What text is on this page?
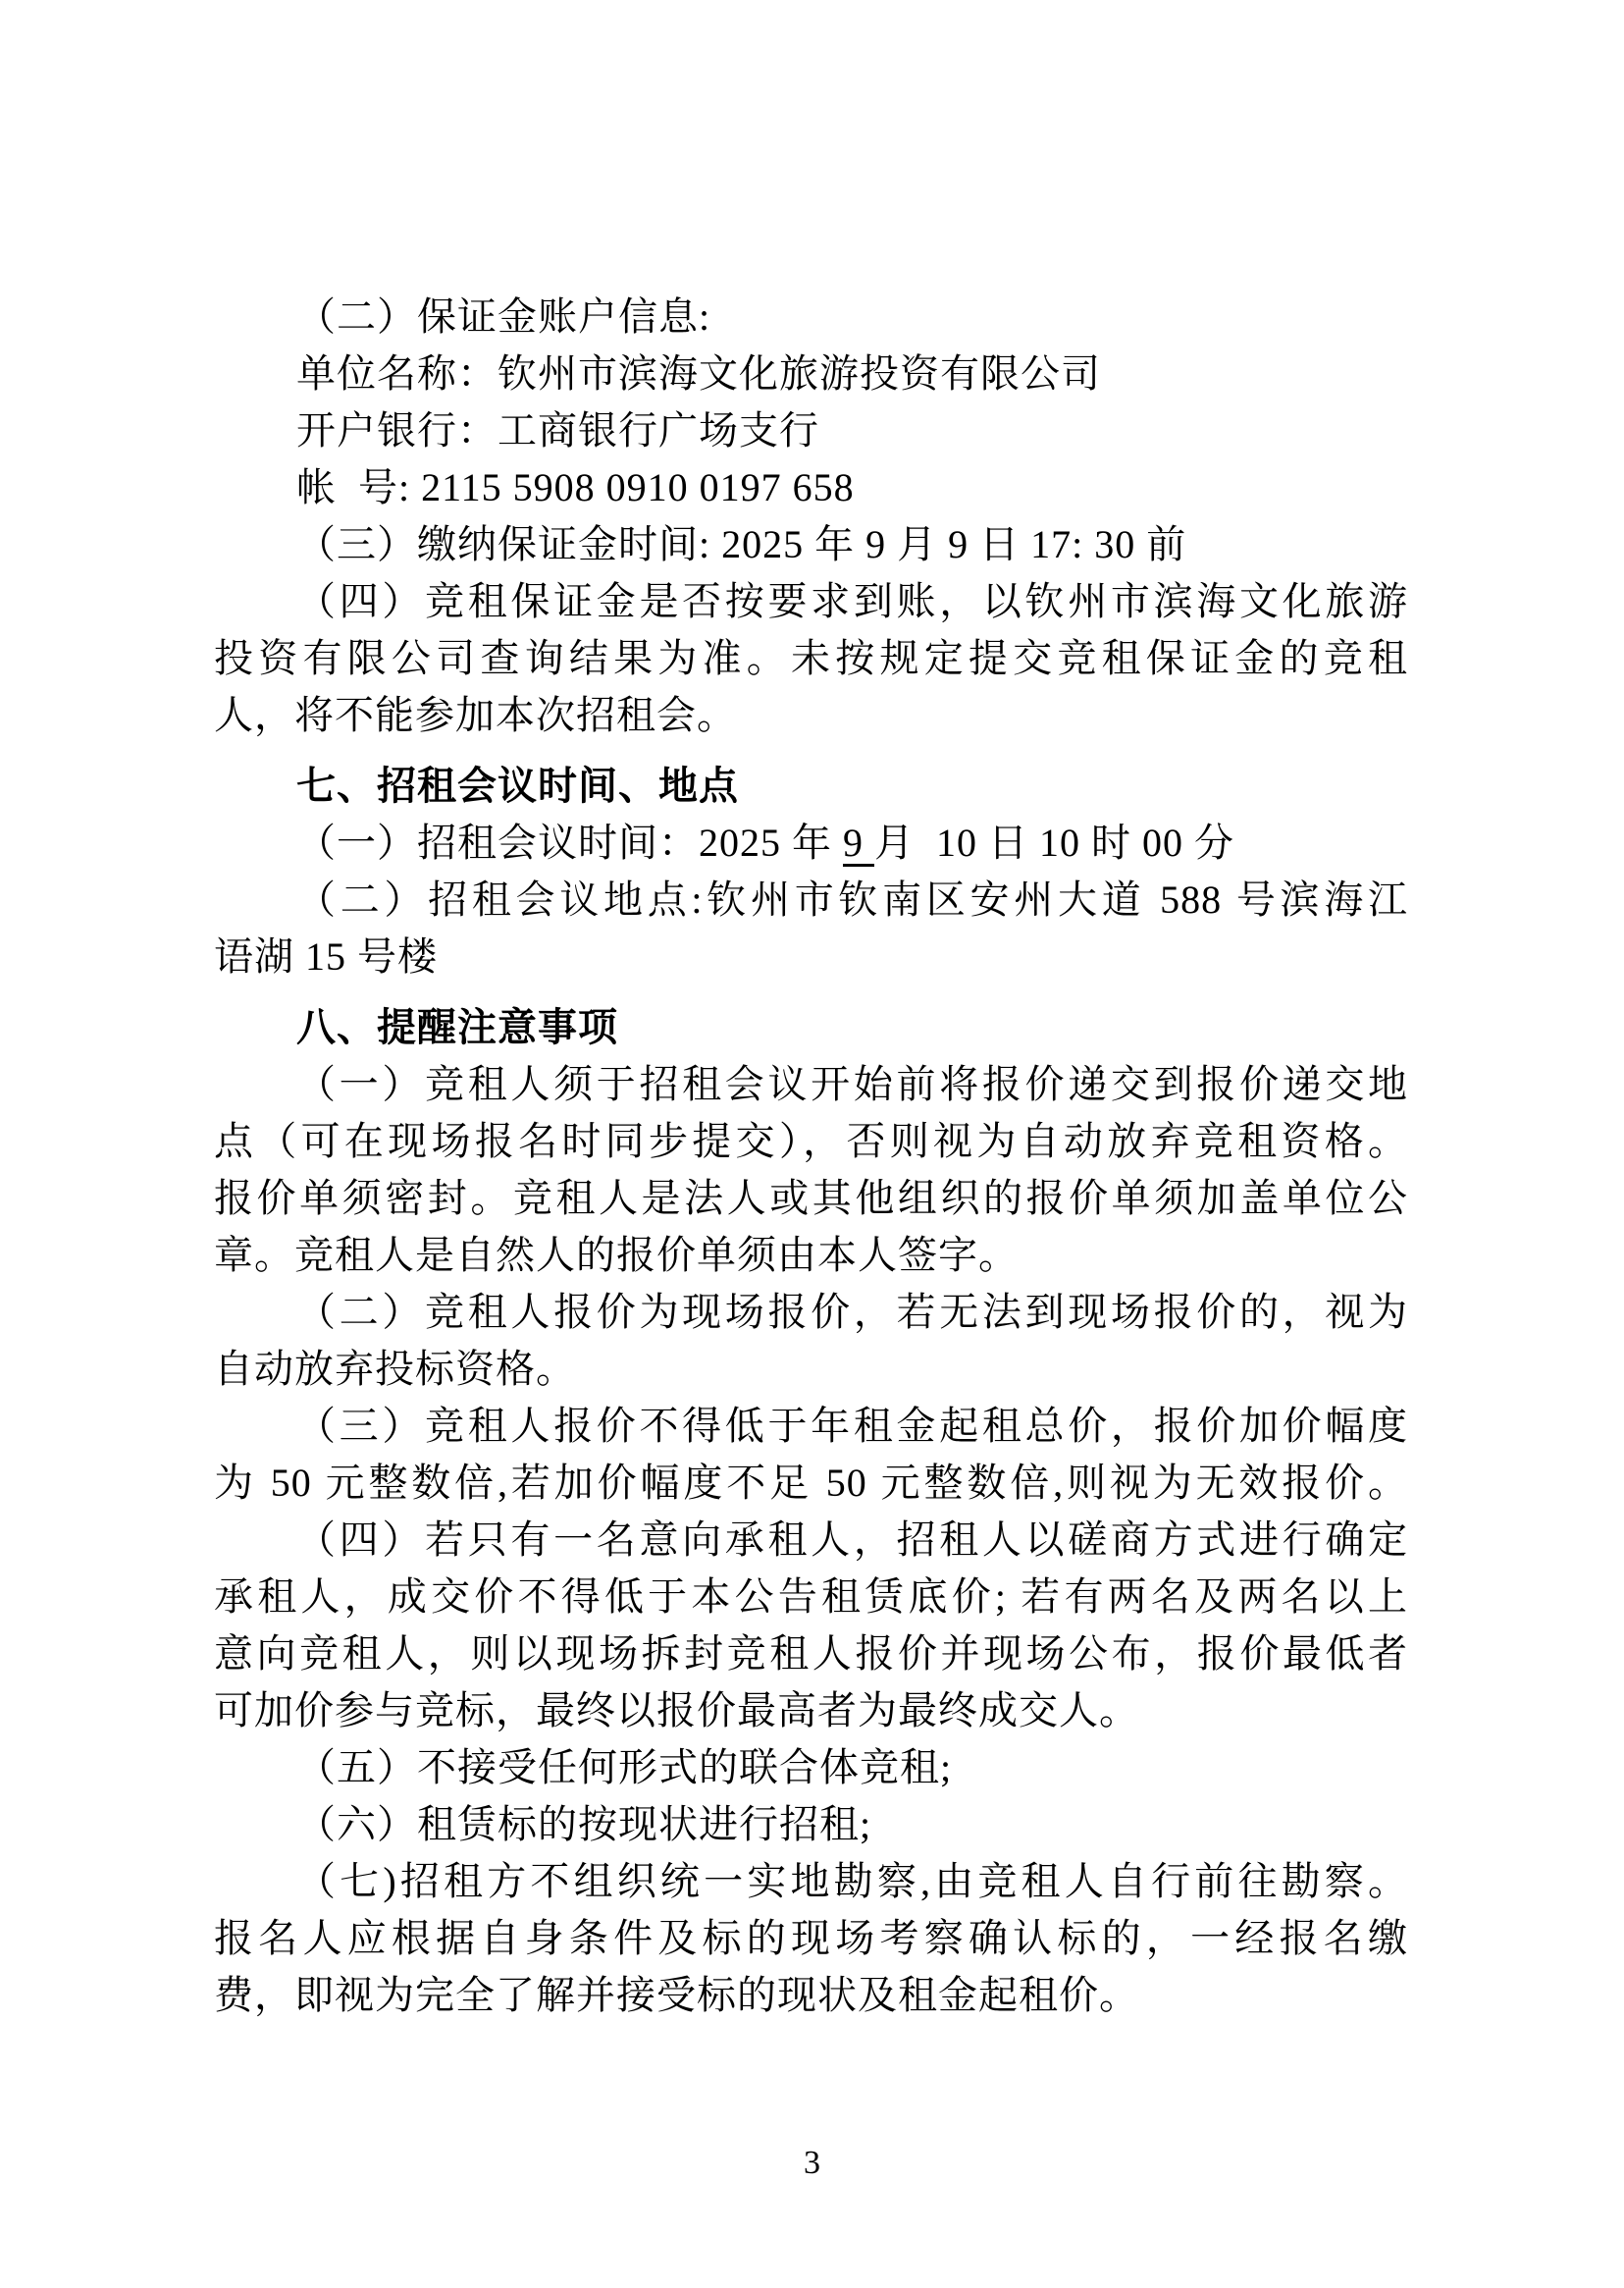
（二）保证金账户信息:
单位名称：钦州市滨海文化旅游投资有限公司
开户银行：工商银行广场支行
帐  号: 2115 5908 0910 0197 658
（三）缴纳保证金时间: 2025 年 9 月 9 日 17: 30 前
（四）竞租保证金是否按要求到账，以钦州市滨海文化旅游
投资有限公司查询结果为准。未按规定提交竞租保证金的竞租
人，将不能参加本次招租会。
七、招租会议时间、地点
（一）招租会议时间：2025 年 9 月  10 日 10 时 00 分
（二）招租会议地点:钦州市钦南区安州大道 588 号滨海江
语湖 15 号楼
八、提醒注意事项
（一）竞租人须于招租会议开始前将报价递交到报价递交地
点（可在现场报名时同步提交），否则视为自动放弃竞租资格。
报价单须密封。竞租人是法人或其他组织的报价单须加盖单位公
章。竞租人是自然人的报价单须由本人签字。
（二）竞租人报价为现场报价，若无法到现场报价的，视为
自动放弃投标资格。
（三）竞租人报价不得低于年租金起租总价，报价加价幅度
为 50 元整数倍,若加价幅度不足 50 元整数倍,则视为无效报价。
（四）若只有一名意向承租人，招租人以磋商方式进行确定
承租人，成交价不得低于本公告租赁底价; 若有两名及两名以上
意向竞租人，则以现场拆封竞租人报价并现场公布，报价最低者
可加价参与竞标，最终以报价最高者为最终成交人。
（五）不接受任何形式的联合体竞租;
（六）租赁标的按现状进行招租;
（七)招租方不组织统一实地勘察,由竞租人自行前往勘察。
报名人应根据自身条件及标的现场考察确认标的，一经报名缴
费，即视为完全了解并接受标的现状及租金起租价。
3
